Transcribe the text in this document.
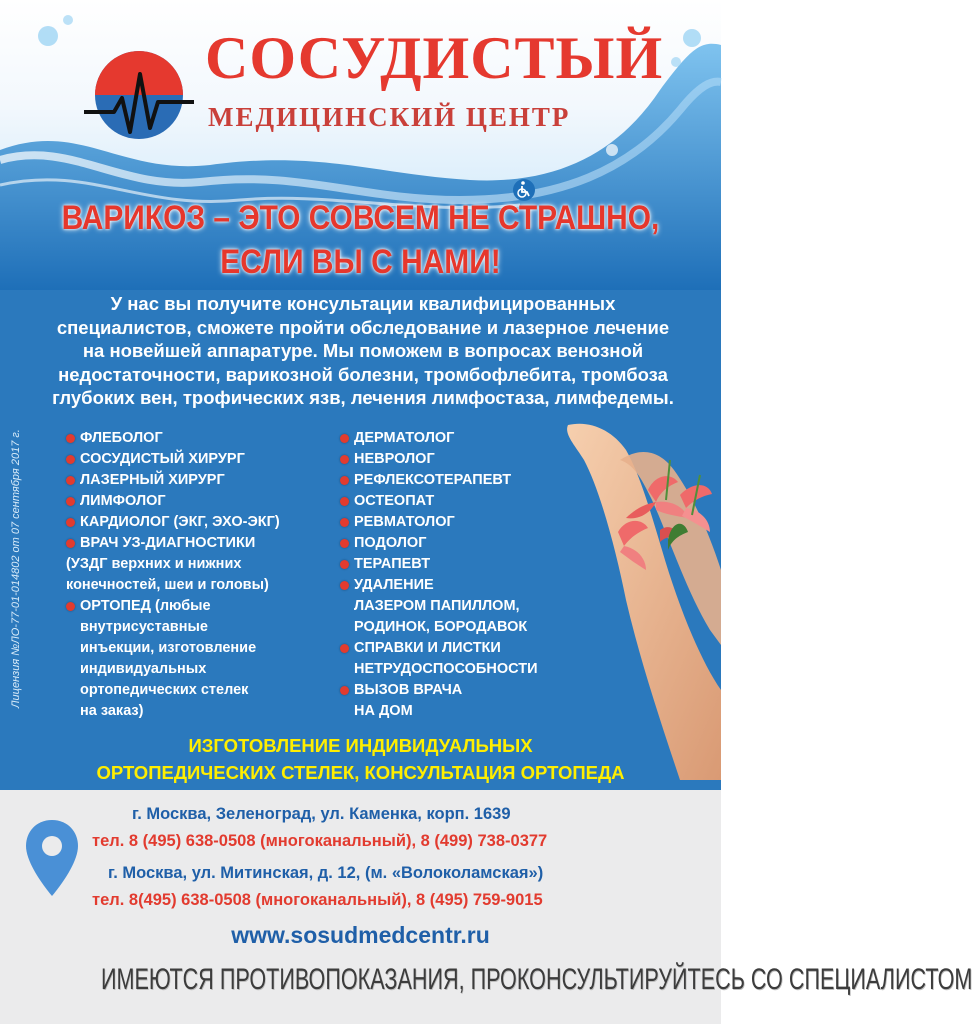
СОСУДИСТЫЙ
МЕДИЦИНСКИЙ ЦЕНТР
ВАРИКОЗ – ЭТО СОВСЕМ НЕ СТРАШНО,
ЕСЛИ ВЫ С НАМИ!
У нас вы получите консультации квалифицированных специалистов, сможете пройти обследование и лазерное лечение на новейшей аппаратуре. Мы поможем в вопросах венозной недостаточности, варикозной болезни, тромбофлебита, тромбоза глубоких вен, трофических язв, лечения лимфостаза, лимфедемы.
Лицензия №ЛО-77-01-014802 от 07 сентября 2017 г.	ФЛЕБОЛОГ
СОСУДИСТЫЙ ХИРУРГ
ЛАЗЕРНЫЙ ХИРУРГ
ЛИМФОЛОГ
КАРДИОЛОГ (ЭКГ, ЭХО-ЭКГ)
ВРАЧ УЗ-ДИАГНОСТИКИ
(УЗДГ верхних и нижних
конечностей, шеи и головы)
ОРТОПЕД (любые
внутрисуставные
инъекции, изготовление
индивидуальных
ортопедических стелек
на заказ)
ДЕРМАТОЛОГ
НЕВРОЛОГ
РЕФЛЕКСОТЕРАПЕВТ
ОСТЕОПАТ
РЕВМАТОЛОГ
ПОДОЛОГ
ТЕРАПЕВТ
УДАЛЕНИЕ
ЛАЗЕРОМ ПАПИЛЛОМ,
РОДИНОК, БОРОДАВОК
СПРАВКИ И ЛИСТКИ
НЕТРУДОСПОСОБНОСТИ
ВЫЗОВ ВРАЧА
НА ДОМ
ИЗГОТОВЛЕНИЕ ИНДИВИДУАЛЬНЫХ
ОРТОПЕДИЧЕСКИХ СТЕЛЕК, КОНСУЛЬТАЦИЯ ОРТОПЕДА
г. Москва, Зеленоград, ул. Каменка, корп. 1639
тел. 8 (495) 638-0508 (многоканальный), 8 (499) 738-0377
г. Москва, ул. Митинская, д. 12, (м. «Волоколамская»)
тел. 8(495) 638-0508 (многоканальный), 8 (495) 759-9015
www.sosudmedcentr.ru
ИМЕЮТСЯ ПРОТИВОПОКАЗАНИЯ, ПРОКОНСУЛЬТИРУЙТЕСЬ СО СПЕЦИАЛИСТОМ
